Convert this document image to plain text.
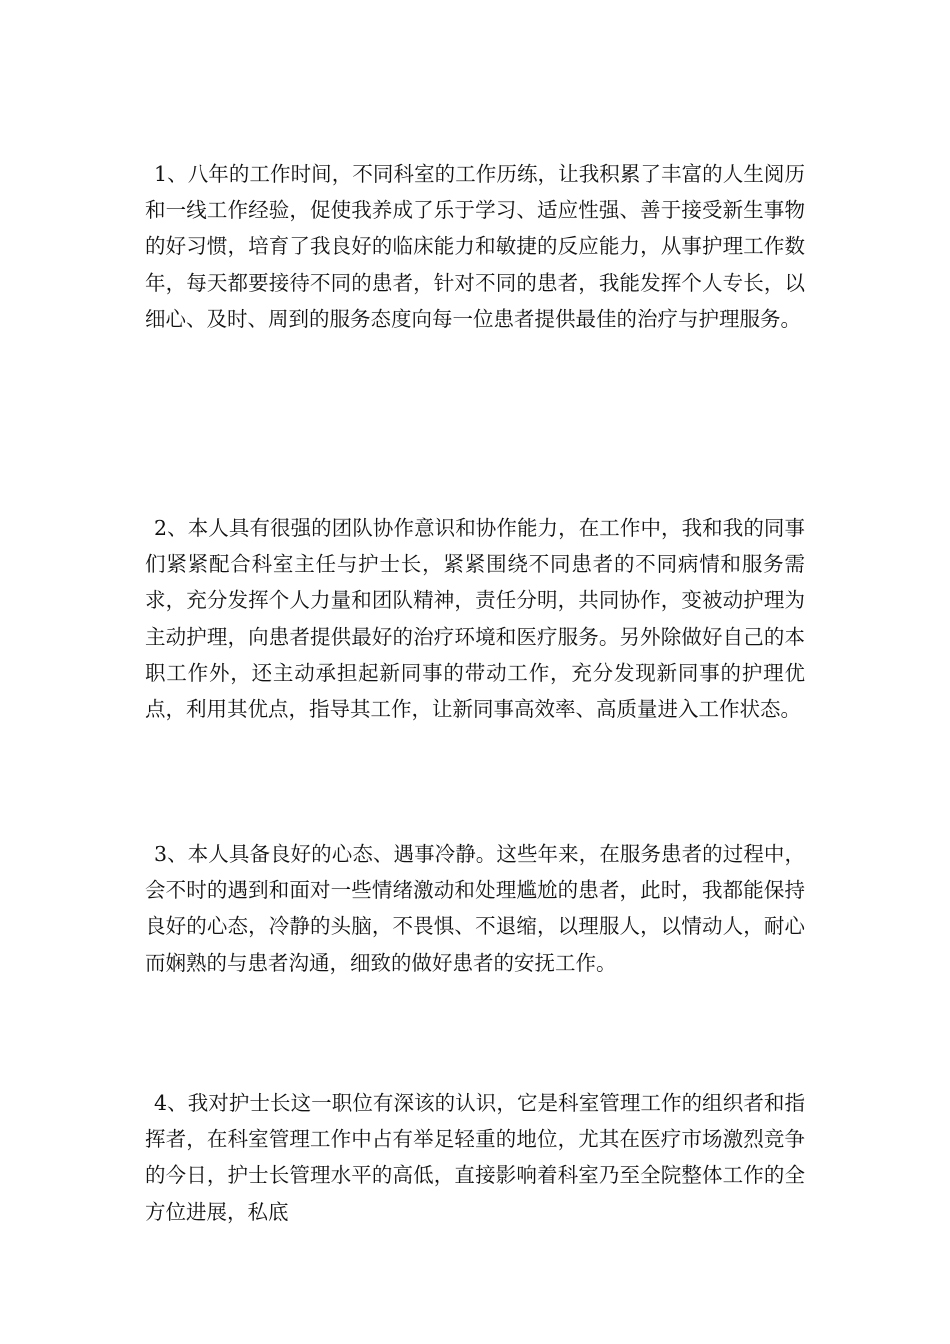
1、八年的工作时间，不同科室的工作历练，让我积累了丰富的人生阅历和一线工作经验，促使我养成了乐于学习、适应性强、善于接受新生事物的好习惯，培育了我良好的临床能力和敏捷的反应能力，从事护理工作数年，每天都要接待不同的患者，针对不同的患者，我能发挥个人专长，以细心、及时、周到的服务态度向每一位患者提供最佳的治疗与护理服务。

2、本人具有很强的团队协作意识和协作能力，在工作中，我和我的同事们紧紧配合科室主任与护士长，紧紧围绕不同患者的不同病情和服务需求，充分发挥个人力量和团队精神，责任分明，共同协作，变被动护理为主动护理，向患者提供最好的治疗环境和医疗服务。另外除做好自己的本职工作外，还主动承担起新同事的带动工作，充分发现新同事的护理优点，利用其优点，指导其工作，让新同事高效率、高质量进入工作状态。

3、本人具备良好的心态、遇事冷静。这些年来，在服务患者的过程中，会不时的遇到和面对一些情绪激动和处理尴尬的患者，此时，我都能保持良好的心态，冷静的头脑，不畏惧、不退缩，以理服人，以情动人，耐心而娴熟的与患者沟通，细致的做好患者的安抚工作。

4、我对护士长这一职位有深该的认识，它是科室管理工作的组织者和指挥者，在科室管理工作中占有举足轻重的地位，尤其在医疗市场激烈竞争的今日，护士长管理水平的高低，直接影响着科室乃至全院整体工作的全方位进展，私底
